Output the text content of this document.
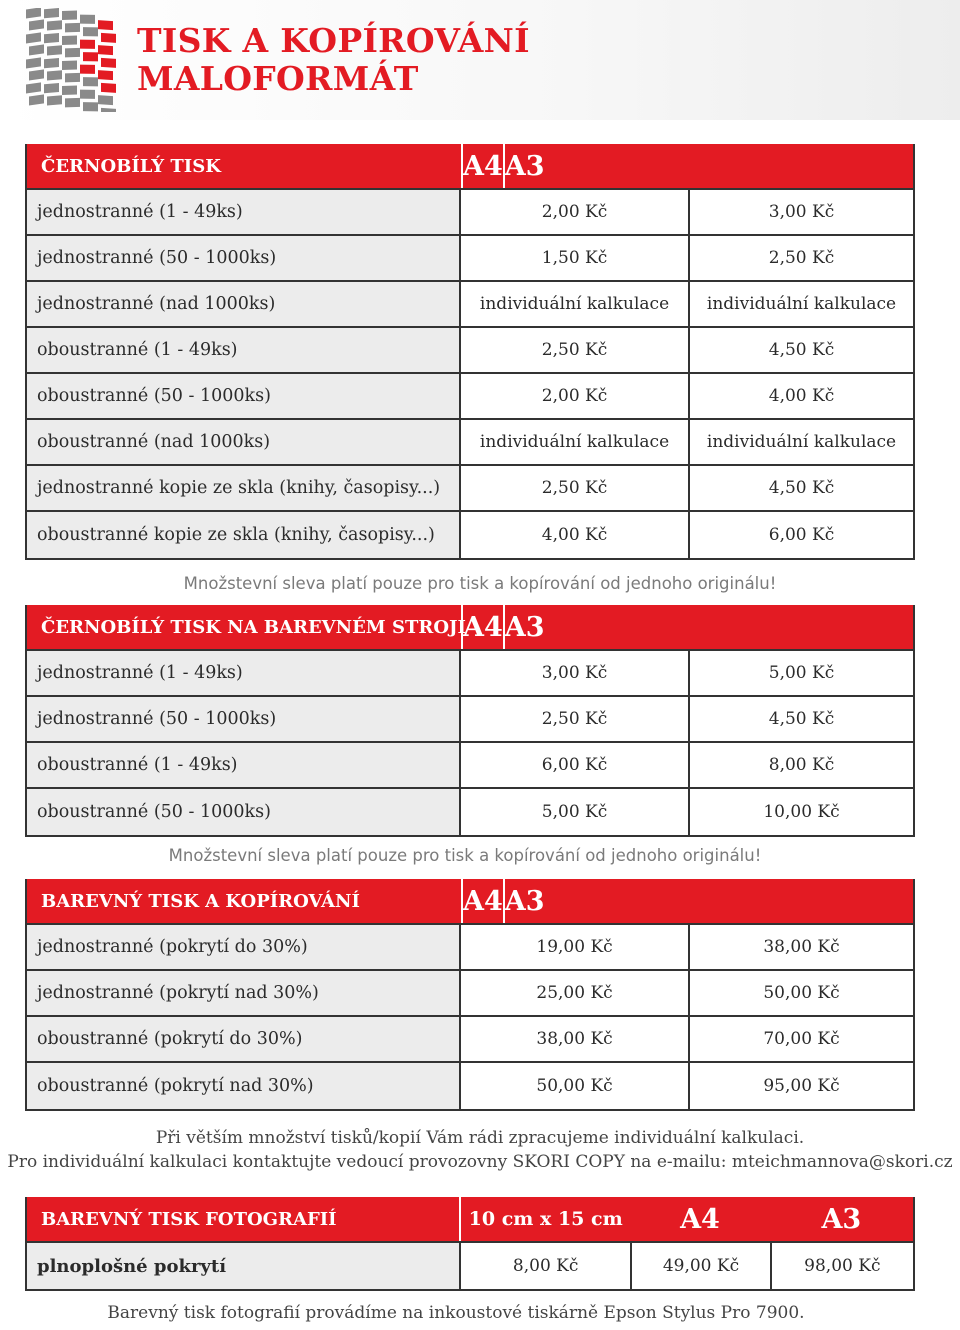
TISK A KOPÍROVÁNÍ
MALOFORMÁT
ČERNOBÍLÝ TISK	A4 A3
jednostranné (1 - 49ks)	2,00 Kč	3,00 Kč
jednostranné (50 - 1000ks)	1,50 Kč	2,50 Kč
jednostranné (nad 1000ks)	individuální kalkulace	individuální kalkulace
oboustranné (1 - 49ks)	2,50 Kč	4,50 Kč
oboustranné (50 - 1000ks)	2,00 Kč	4,00 Kč
oboustranné (nad 1000ks)	individuální kalkulace	individuální kalkulace
jednostranné kopie ze skla (knihy, časopisy...)	2,50 Kč	4,50 Kč
oboustranné kopie ze skla (knihy, časopisy...)	4,00 Kč	6,00 Kč
Množstevní sleva platí pouze pro tisk a kopírování od jednoho originálu!
ČERNOBÍLÝ TISK NA BAREVNÉM STROJI
A4 A3
jednostranné (1 - 49ks)	3,00 Kč	5,00 Kč
jednostranné (50 - 1000ks)	2,50 Kč	4,50 Kč
oboustranné (1 - 49ks)	6,00 Kč	8,00 Kč
oboustranné (50 - 1000ks)	5,00 Kč	10,00 Kč
Množstevní sleva platí pouze pro tisk a kopírování od jednoho originálu!
BAREVNÝ TISK A KOPÍROVÁNÍ	A4 A3
jednostranné (pokrytí do 30%)	19,00 Kč	38,00 Kč
jednostranné (pokrytí nad 30%)	25,00 Kč	50,00 Kč
oboustranné (pokrytí do 30%)	38,00 Kč	70,00 Kč
oboustranné (pokrytí nad 30%)	50,00 Kč	95,00 Kč
Při větším množství tisků/kopií Vám rádi zpracujeme individuální kalkulaci.
Pro individuální kalkulaci kontaktujte vedoucí provozovny SKORI COPY na e-mailu: mteichmannova@skori.cz
BAREVNÝ TISK FOTOGRAFIÍ	10 cm x 15 cm	A4	A3
plnoplošné pokrytí	8,00 Kč	49,00 Kč	98,00 Kč
Barevný tisk fotografií provádíme na inkoustové tiskárně Epson Stylus Pro 7900.
